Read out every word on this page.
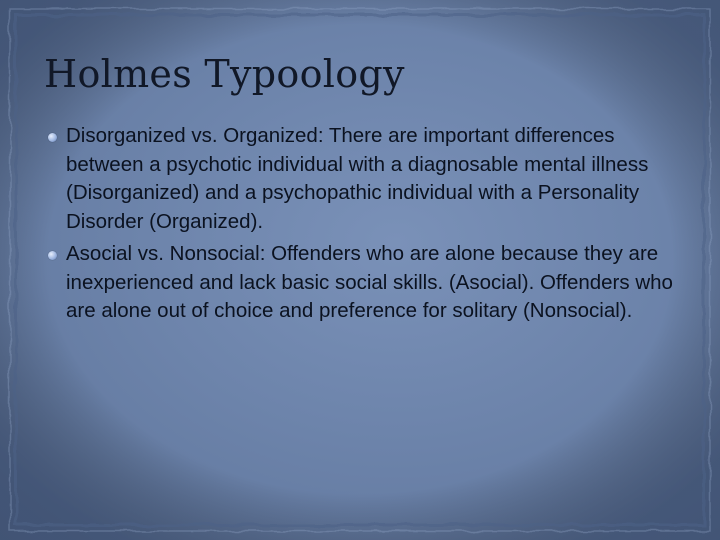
Holmes Typoology
Disorganized vs. Organized: There are important differences between a psychotic individual with a diagnosable mental illness (Disorganized) and a psychopathic individual with a Personality Disorder (Organized).
Asocial vs. Nonsocial: Offenders who are alone because they are inexperienced and lack basic social skills. (Asocial). Offenders who are alone out of choice and preference for solitary (Nonsocial).
